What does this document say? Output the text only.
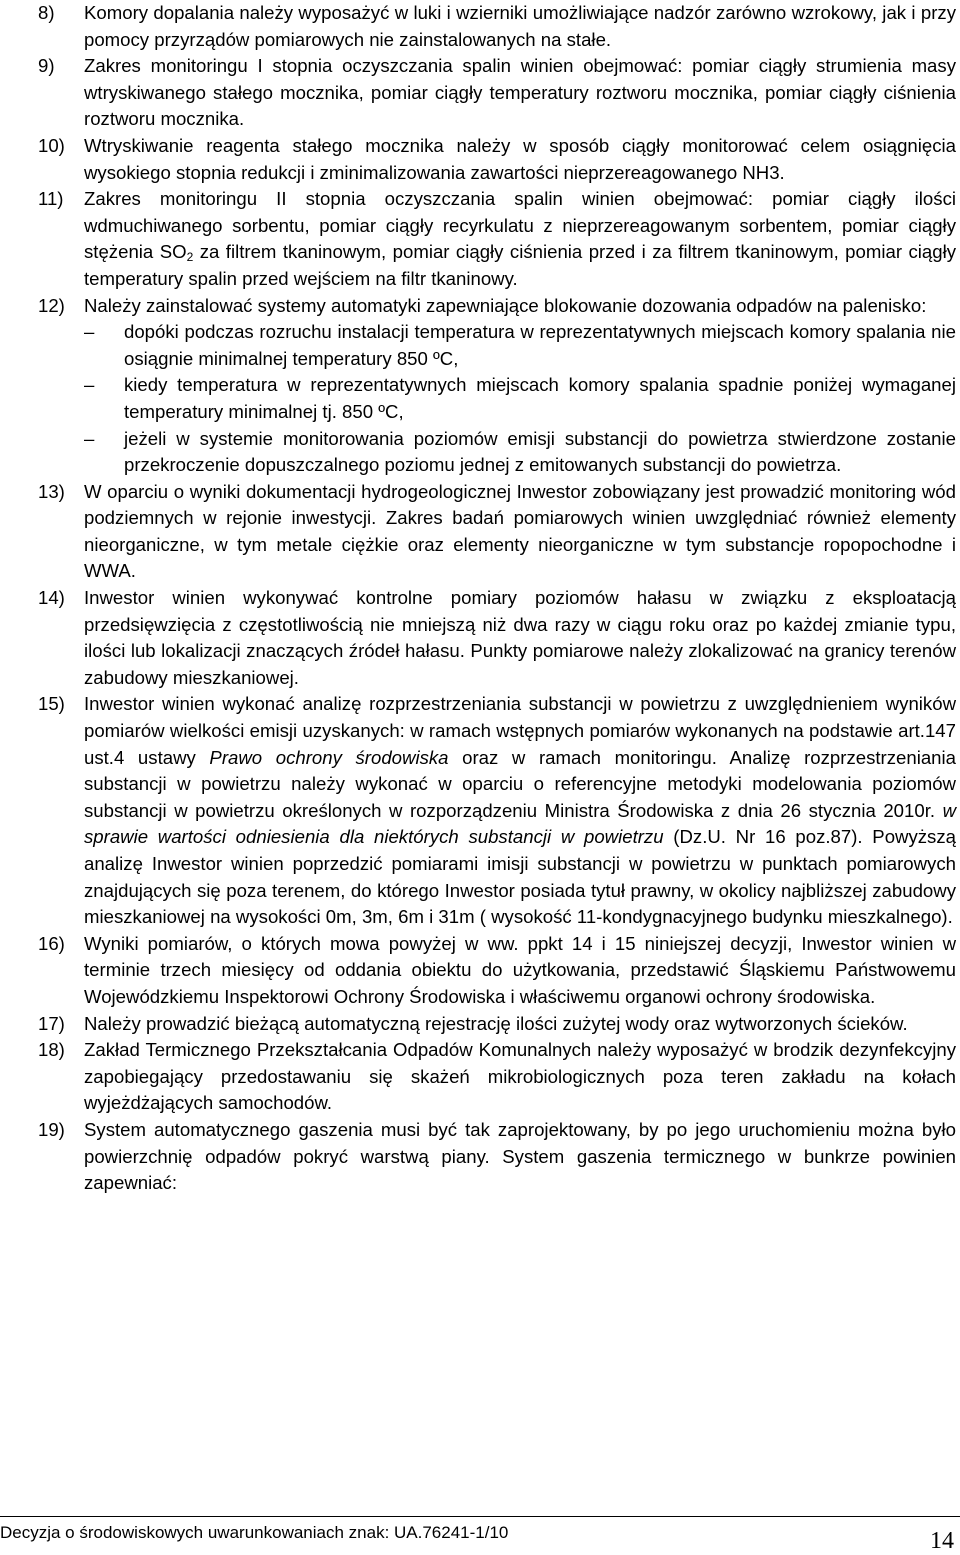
8) Komory dopalania należy wyposażyć w luki i wzierniki umożliwiające nadzór zarówno wzrokowy, jak i przy pomocy przyrządów pomiarowych nie zainstalowanych na stałe.
9) Zakres monitoringu I stopnia oczyszczania spalin winien obejmować: pomiar ciągły strumienia masy wtryskiwanego stałego mocznika, pomiar ciągły temperatury roztworu mocznika, pomiar ciągły ciśnienia roztworu mocznika.
10) Wtryskiwanie reagenta stałego mocznika należy w sposób ciągły monitorować celem osiągnięcia wysokiego stopnia redukcji i zminimalizowania zawartości nieprzereagowanego NH3.
11) Zakres monitoringu II stopnia oczyszczania spalin winien obejmować: pomiar ciągły ilości wdmuchiwanego sorbentu, pomiar ciągły recyrkulatu z nieprzereagowanym sorbentem, pomiar ciągły stężenia $SO_2$ za filtrem tkaninowym, pomiar ciągły ciśnienia przed i za filtrem tkaninowym, pomiar ciągły temperatury spalin przed wejściem na filtr tkaninowy.
12) Należy zainstalować systemy automatyki zapewniające blokowanie dozowania odpadów na palenisko:
– dopóki podczas rozruchu instalacji temperatura w reprezentatywnych miejscach komory spalania nie osiągnie minimalnej temperatury 850 ºC,
– kiedy temperatura w reprezentatywnych miejscach komory spalania spadnie poniżej wymaganej temperatury minimalnej tj. 850 ºC,
– jeżeli w systemie monitorowania poziomów emisji substancji do powietrza stwierdzone zostanie przekroczenie dopuszczalnego poziomu jednej z emitowanych substancji do powietrza.
13) W oparciu o wyniki dokumentacji hydrogeologicznej Inwestor zobowiązany jest prowadzić monitoring wód podziemnych w rejonie inwestycji. Zakres badań pomiarowych winien uwzględniać również elementy nieorganiczne, w tym metale ciężkie oraz elementy nieorganiczne w tym substancje ropopochodne i WWA.
14) Inwestor winien wykonywać kontrolne pomiary poziomów hałasu w związku z eksploatacją przedsięwzięcia z częstotliwością nie mniejszą niż dwa razy w ciągu roku oraz po każdej zmianie typu, ilości lub lokalizacji znaczących źródeł hałasu. Punkty pomiarowe należy zlokalizować na granicy terenów zabudowy mieszkaniowej.
15) Inwestor winien wykonać analizę rozprzestrzeniania substancji w powietrzu z uwzględnieniem wyników pomiarów wielkości emisji uzyskanych: w ramach wstępnych pomiarów wykonanych na podstawie art.147 ust.4 ustawy Prawo ochrony środowiska oraz w ramach monitoringu. Analizę rozprzestrzeniania substancji w powietrzu należy wykonać w oparciu o referencyjne metodyki modelowania poziomów substancji w powietrzu określonych w rozporządzeniu Ministra Środowiska z dnia 26 stycznia 2010r. w sprawie wartości odniesienia dla niektórych substancji w powietrzu (Dz.U. Nr 16 poz.87). Powyższą analizę Inwestor winien poprzedzić pomiarami imisji substancji w powietrzu w punktach pomiarowych znajdujących się poza terenem, do którego Inwestor posiada tytuł prawny, w okolicy najbliższej zabudowy mieszkaniowej na wysokości 0m, 3m, 6m i 31m ( wysokość 11-kondygnacyjnego budynku mieszkalnego).
16) Wyniki pomiarów, o których mowa powyżej w ww. ppkt 14 i 15 niniejszej decyzji, Inwestor winien w terminie trzech miesięcy od oddania obiektu do użytkowania, przedstawić Śląskiemu Państwowemu Wojewódzkiemu Inspektorowi Ochrony Środowiska i właściwemu organowi ochrony środowiska.
17) Należy prowadzić bieżącą automatyczną rejestrację ilości zużytej wody oraz wytworzonych ścieków.
18) Zakład Termicznego Przekształcania Odpadów Komunalnych należy wyposażyć w brodzik dezynfekcyjny zapobiegający przedostawaniu się skażeń mikrobiologicznych poza teren zakładu na kołach wyjeżdżających samochodów.
19) System automatycznego gaszenia musi być tak zaprojektowany, by po jego uruchomieniu można było powierzchnię odpadów pokryć warstwą piany. System gaszenia termicznego w bunkrze powinien zapewniać:
Decyzja o środowiskowych uwarunkowaniach znak: UA.76241-1/10	14
